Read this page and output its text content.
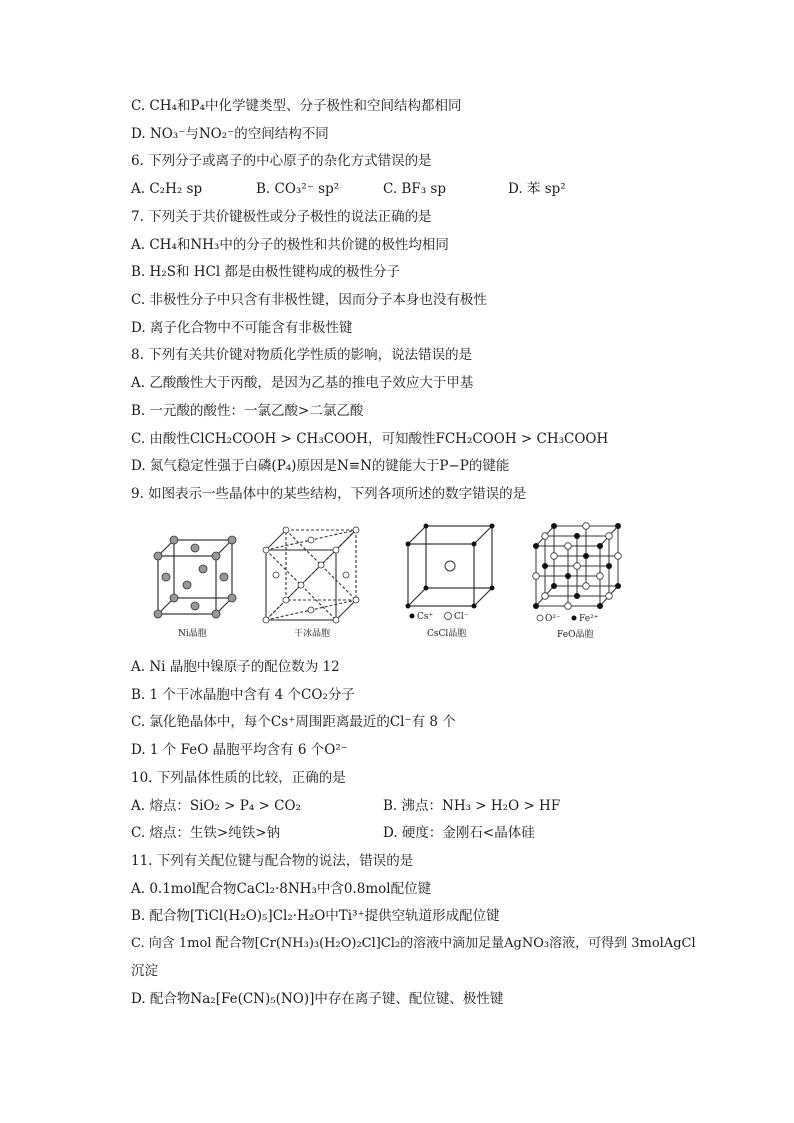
C. CH₄和P₄中化学键类型、分子极性和空间结构都相同
D. NO₃⁻与NO₂⁻的空间结构不同
6. 下列分子或离子的中心原子的杂化方式错误的是
A. C₂H₂ sp	B. CO₃²⁻ sp²	C. BF₃ sp	D. 苯 sp²
7. 下列关于共价键极性或分子极性的说法正确的是
A. CH₄和NH₃中的分子的极性和共价键的极性均相同
B. H₂S和 HCl 都是由极性键构成的极性分子
C. 非极性分子中只含有非极性键，因而分子本身也没有极性
D. 离子化合物中不可能含有非极性键
8. 下列有关共价键对物质化学性质的影响，说法错误的是
A. 乙酸酸性大于丙酸，是因为乙基的推电子效应大于甲基
B. 一元酸的酸性：一氯乙酸>二氯乙酸
C. 由酸性ClCH₂COOH > CH₃COOH，可知酸性FCH₂COOH > CH₃COOH
D. 氮气稳定性强于白磷(P₄)原因是N≡N的键能大于P−P的键能
9. 如图表示一些晶体中的某些结构，下列各项所述的数字错误的是
Ni晶胞	干冰晶胞
Cs⁺ Cl⁻
CsCl晶胞
O²⁻ Fe²⁺
FeO晶胞
A. Ni 晶胞中镍原子的配位数为 12
B. 1 个干冰晶胞中含有 4 个CO₂分子
C. 氯化铯晶体中，每个Cs⁺周围距离最近的Cl⁻有 8 个
D. 1 个 FeO 晶胞平均含有 6 个O²⁻
10. 下列晶体性质的比较，正确的是
A. 熔点：SiO₂ > P₄ > CO₂	B. 沸点：NH₃ > H₂O > HF
C. 熔点：生铁>纯铁>钠	D. 硬度：金刚石<晶体硅
11. 下列有关配位键与配合物的说法，错误的是
A. 0.1mol配合物CaCl₂·8NH₃中含0.8mol配位键
B. 配合物[TiCl(H₂O)₅]Cl₂·H₂O中Ti³⁺提供空轨道形成配位键
C. 向含 1mol 配合物[Cr(NH₃)₃(H₂O)₂Cl]Cl₂的溶液中滴加足量AgNO₃溶液，可得到 3molAgCl
沉淀
D. 配合物Na₂[Fe(CN)₅(NO)]中存在离子键、配位键、极性键
